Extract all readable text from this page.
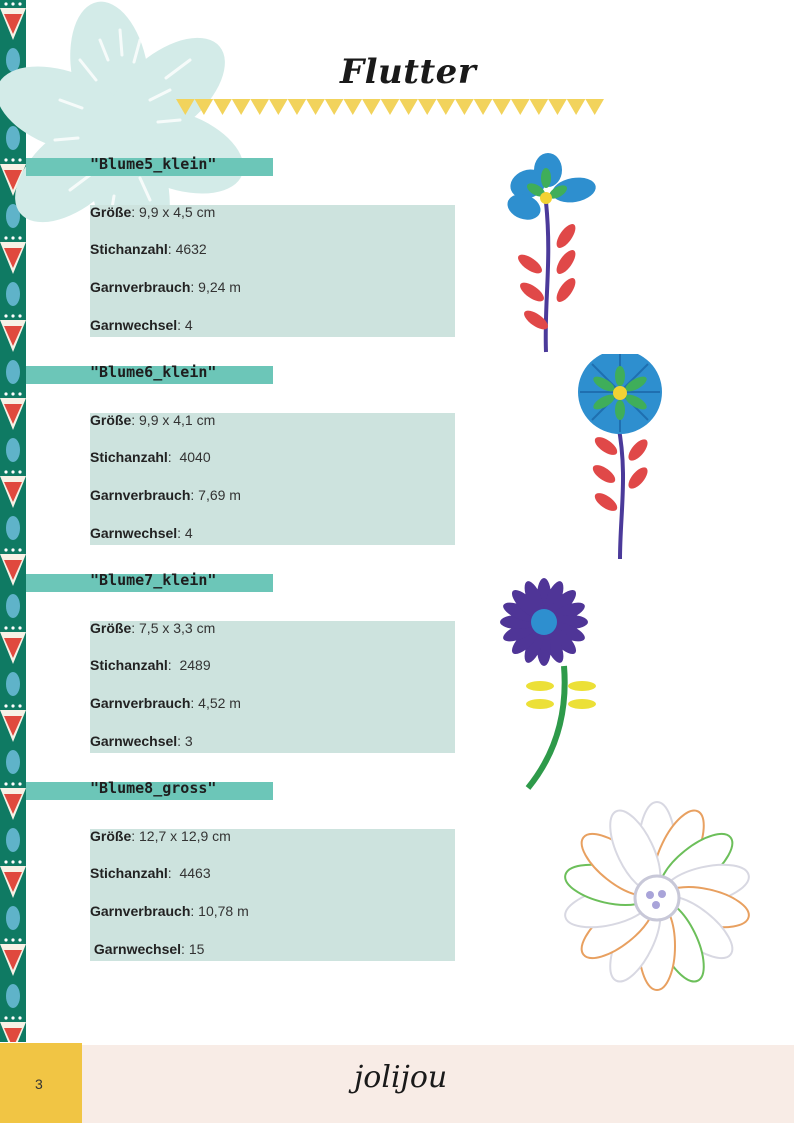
Flutter
"Blume5_klein"
Größe: 9,9 x 4,5 cm
Stichanzahl: 4632
Garnverbrauch: 9,24 m
Garnwechsel: 4
"Blume6_klein"
Größe: 9,9 x 4,1 cm
Stichanzahl:  4040
Garnverbrauch: 7,69 m
Garnwechsel: 4
"Blume7_klein"
Größe: 7,5 x 3,3 cm
Stichanzahl:  2489
Garnverbrauch: 4,52 m
Garnwechsel: 3
"Blume8_gross"
Größe: 12,7 x 12,9 cm
Stichanzahl:  4463
Garnverbrauch: 10,78 m
Garnwechsel: 15
3	jolijou
